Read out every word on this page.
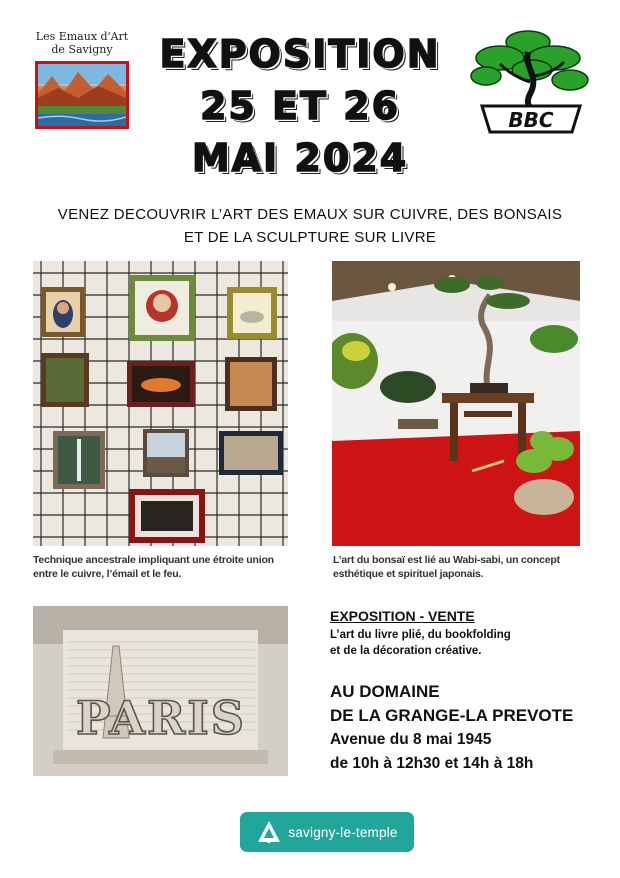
Les Emaux d'Art
de Savigny	EXPOSITION
25 ET 26
MAI 2024
BBC
VENEZ DECOUVRIR L’ART DES EMAUX SUR CUIVRE, DES BONSAIS
ET DE LA SCULPTURE SUR LIVRE
Technique ancestrale impliquant une étroite union
entre le cuivre, l’émail et le feu.
L’art du bonsaï est lié au Wabi-sabi, un concept
esthétique et spirituel japonais.
PARIS
EXPOSITION - VENTE
L’art du livre plié, du bookfolding
et de la décoration créative.
AU DOMAINE
DE LA GRANGE-LA PREVOTE
Avenue du 8 mai 1945
de 10h à 12h30 et 14h à 18h
savigny-le-temple
